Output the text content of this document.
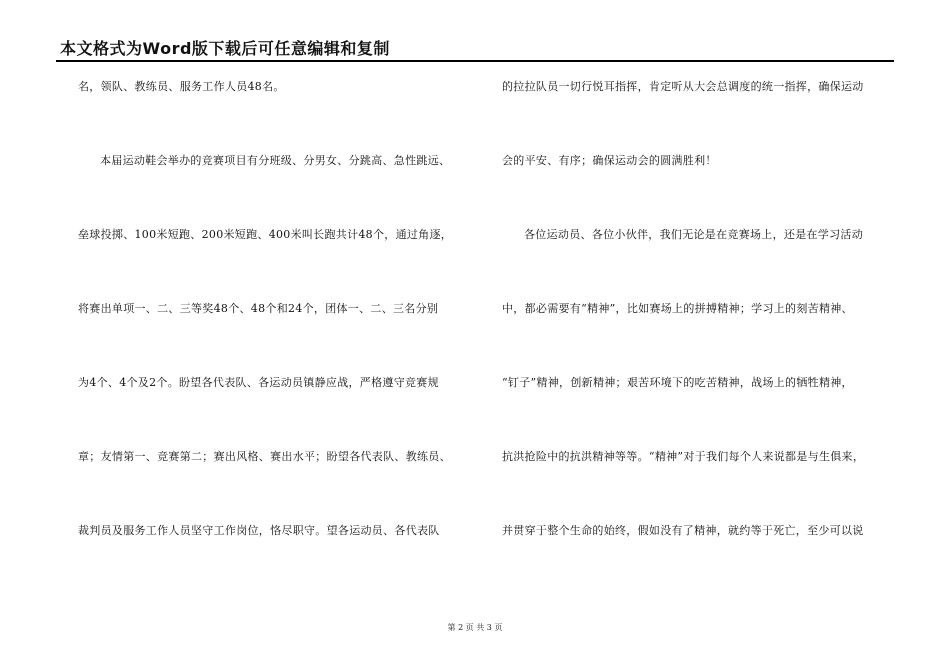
本文格式为Word版下载后可任意编辑和复制
名，领队、教练员、服务工作人员48名。
本届运动鞋会举办的竞赛项目有分班级、分男女、分跳高、急性跳远、
垒球投掷、100米短跑、200米短跑、400米叫长跑共计48个，通过角逐，
将赛出单项一、二、三等奖48个、48个和24个，团体一、二、三名分别
为4个、4个及2个。盼望各代表队、各运动员镇静应战，严格遵守竞赛规
章；友情第一、竞赛第二；赛出风格、赛出水平；盼望各代表队、教练员、
裁判员及服务工作人员坚守工作岗位，恪尽职守。望各运动员、各代表队
的拉拉队员一切行悦耳指挥，肯定听从大会总调度的统一指挥，确保运动
会的平安、有序；确保运动会的圆满胜利！
各位运动员、各位小伙伴，我们无论是在竞赛场上，还是在学习活动
中，都必需要有“精神”，比如赛场上的拼搏精神；学习上的刻苦精神、
“钉子”精神，创新精神；艰苦环境下的吃苦精神，战场上的牺牲精神，
抗洪抢险中的抗洪精神等等。“精神”对于我们每个人来说都是与生俱来，
并贯穿于整个生命的始终，假如没有了精神，就约等于死亡，至少可以说
第 2 页 共 3 页
